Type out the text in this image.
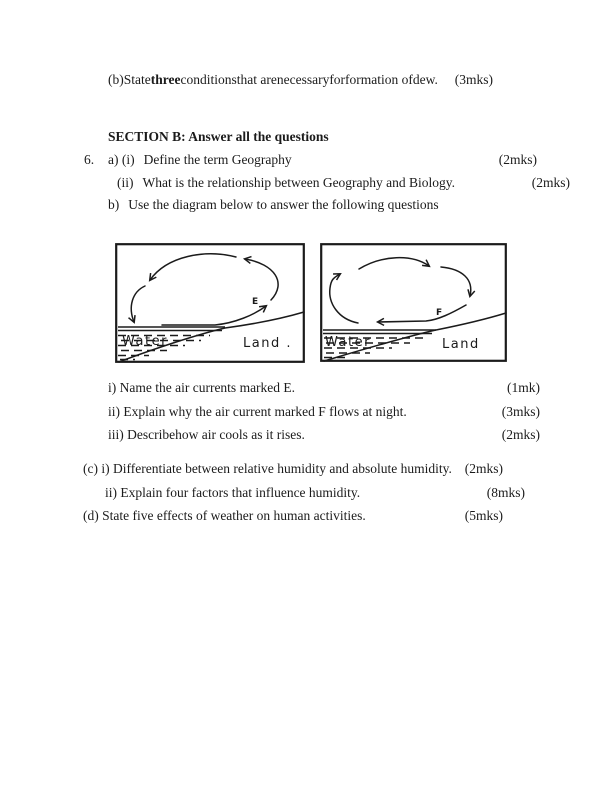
(b)Statethreeconditionsthat arenecessaryforformation ofdew. (3mks)
SECTION B: Answer all the questions
6. a) (i) Define the term Geography	(2mks)
(ii) What is the relationship between Geography and Biology.	(2mks)
b) Use the diagram below to answer the following questions
E
Water	Land .
F
Water	Land
i) Name the air currents marked E.	(1mk)
ii) Explain why the air current marked F flows at night.	(3mks)
iii) Describehow air cools as it rises.	(2mks)
(c) i) Differentiate between relative humidity and absolute humidity. (2mks)
ii) Explain four factors that influence humidity.	(8mks)
(d) State five effects of weather on human activities.	(5mks)
